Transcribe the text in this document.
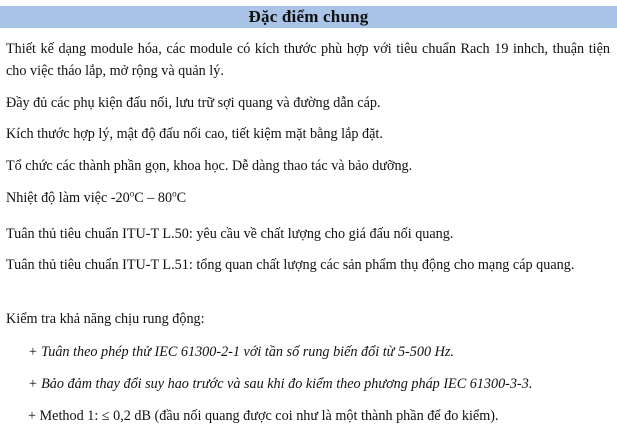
Đặc điểm chung

Thiết kế dạng module hóa, các module có kích thước phù hợp với tiêu chuẩn Rach 19 inhch, thuận tiện cho việc tháo lắp, mở rộng và quản lý.

Đầy đủ các phụ kiện đấu nối, lưu trữ sợi quang và đường dẫn cáp.

Kích thước hợp lý, mật độ đấu nối cao, tiết kiệm mặt bằng lắp đặt.

Tổ chức các thành phần gọn, khoa học. Dễ dàng thao tác và bảo dưỡng.

Nhiệt độ làm việc -20$^o$C – 80$^o$C

Tuân thủ tiêu chuẩn ITU-T L.50: yêu cầu về chất lượng cho giá đấu nối quang.

Tuân thủ tiêu chuẩn ITU-T L.51: tổng quan chất lượng các sản phẩm thụ động cho mạng cáp quang.

Kiểm tra khả năng chịu rung động:

+ Tuân theo phép thử IEC 61300-2-1 với tần số rung biến đổi từ 5-500 Hz.

+ Bảo đảm thay đổi suy hao trước và sau khi đo kiểm theo phương pháp IEC 61300-3-3.

+ Method 1: ≤ 0,2 dB (đầu nối quang được coi như là một thành phần để đo kiểm).
